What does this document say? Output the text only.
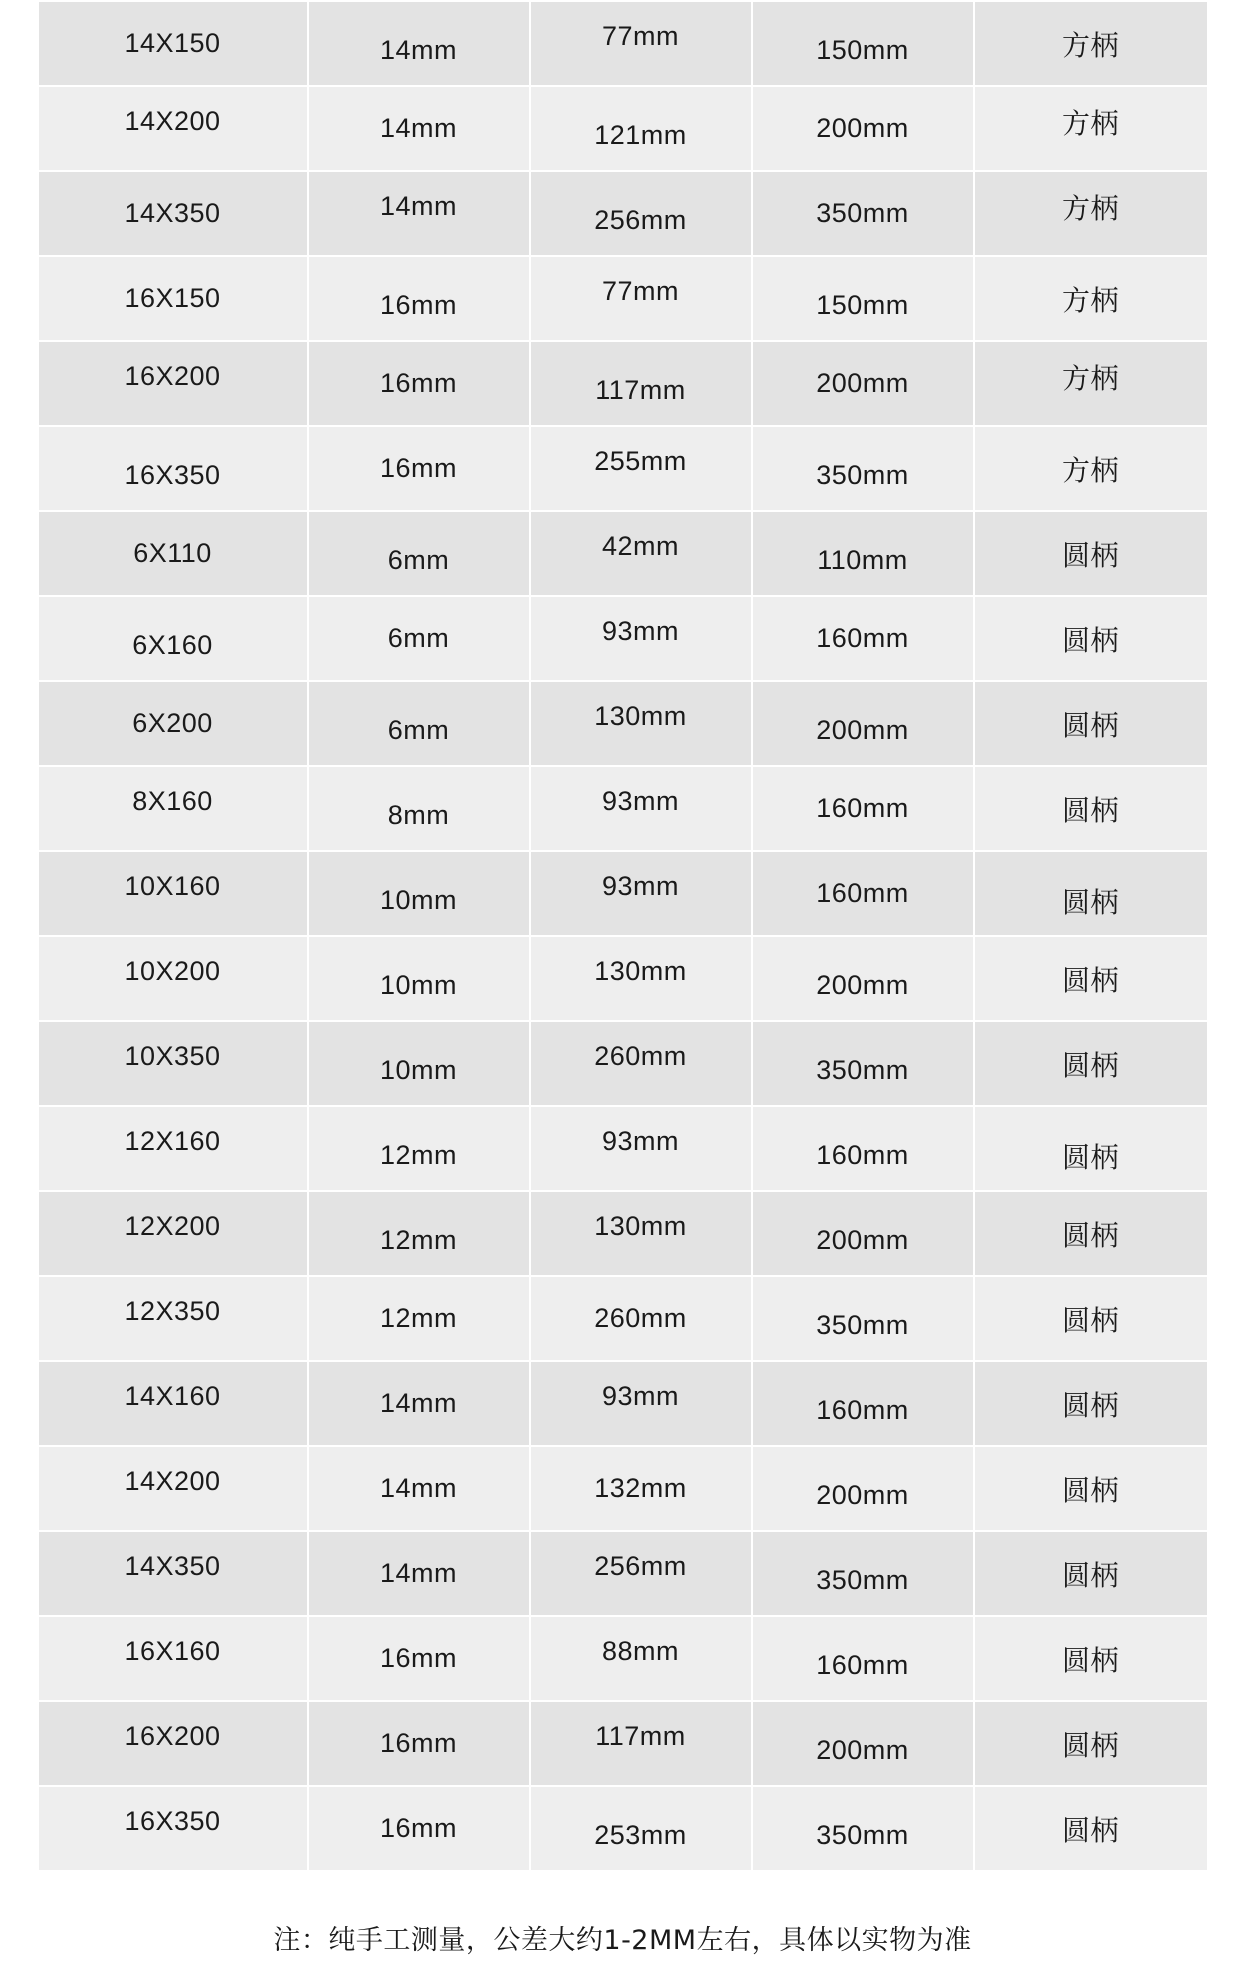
14X150	14mm	77mm	150mm	方柄
14X200	14mm	121mm	200mm	方柄
14X350	14mm	256mm	350mm	方柄
16X150	16mm	77mm	150mm	方柄
16X200	16mm	117mm	200mm	方柄
16X350	16mm	255mm	350mm	方柄
6X110	6mm	42mm	110mm	圆柄
6X160	6mm	93mm	160mm	圆柄
6X200	6mm	130mm	200mm	圆柄
8X160	8mm	93mm	160mm	圆柄
10X160	10mm	93mm	160mm	圆柄
10X200	10mm	130mm	200mm	圆柄
10X350	10mm	260mm	350mm	圆柄
12X160	12mm	93mm	160mm	圆柄
12X200	12mm	130mm	200mm	圆柄
12X350	12mm	260mm	350mm	圆柄
14X160	14mm	93mm	160mm	圆柄
14X200	14mm	132mm	200mm	圆柄
14X350	14mm	256mm	350mm	圆柄
16X160	16mm	88mm	160mm	圆柄
16X200	16mm	117mm	200mm	圆柄
16X350	16mm	253mm	350mm	圆柄
注：纯手工测量，公差大约1-2MM左右，具体以实物为准
